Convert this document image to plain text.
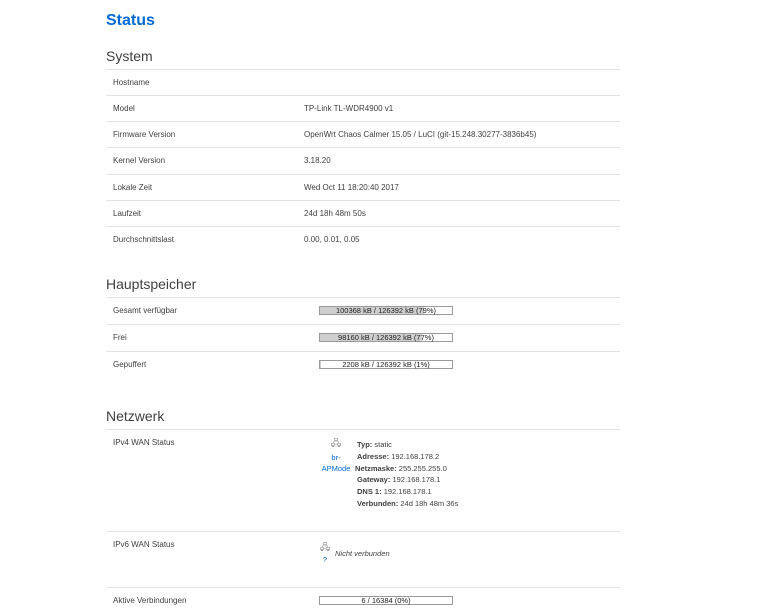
Status
System
Hostname
Model	TP-Link TL-WDR4900 v1
Firmware Version	OpenWrt Chaos Calmer 15.05 / LuCI (git-15.248.30277-3836b45)
Kernel Version	3.18.20
Lokale Zeit	Wed Oct 11 18:20:40 2017
Laufzeit	24d 18h 48m 50s
Durchschnittslast	0.00, 0.01, 0.05
Hauptspeicher
Gesamt verfügbar	100368 kB / 126392 kB (79%)
Frei	98160 kB / 126392 kB (77%)
Gepuffert	2208 kB / 126392 kB (1%)
Netzwerk
IPv4 WAN Status	🖧
br-
APMode
Typ: static
Adresse: 192.168.178.2
Netzmaske: 255.255.255.0
Gateway: 192.168.178.1
DNS 1: 192.168.178.1
Verbunden: 24d 18h 48m 36s
IPv6 WAN Status	🖧
?
Nicht verbunden
Aktive Verbindungen	6 / 16384 (0%)
